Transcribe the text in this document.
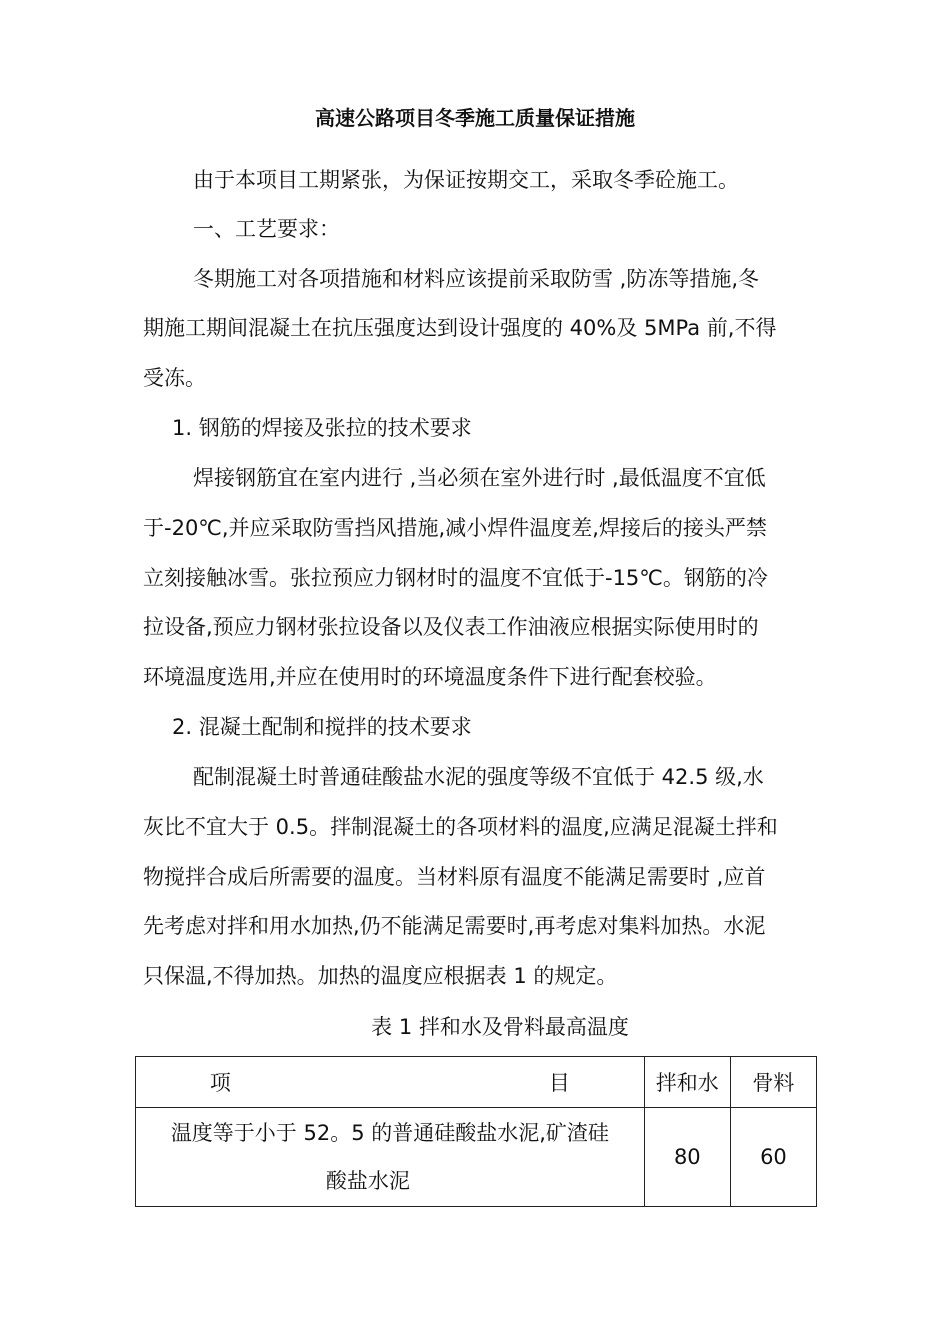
高速公路项目冬季施工质量保证措施
由于本项目工期紧张，为保证按期交工，采取冬季砼施工。
一、工艺要求：
冬期施工对各项措施和材料应该提前采取防雪 ,防冻等措施,冬
期施工期间混凝土在抗压强度达到设计强度的 40%及 5MPa 前,不得
受冻。
1. 钢筋的焊接及张拉的技术要求
焊接钢筋宜在室内进行 ,当必须在室外进行时 ,最低温度不宜低
于-20℃,并应采取防雪挡风措施,减小焊件温度差,焊接后的接头严禁
立刻接触冰雪。张拉预应力钢材时的温度不宜低于-15℃。钢筋的冷
拉设备,预应力钢材张拉设备以及仪表工作油液应根据实际使用时的
环境温度选用,并应在使用时的环境温度条件下进行配套校验。
2. 混凝土配制和搅拌的技术要求
配制混凝土时普通硅酸盐水泥的强度等级不宜低于 42.5 级,水
灰比不宜大于 0.5。拌制混凝土的各项材料的温度,应满足混凝土拌和
物搅拌合成后所需要的温度。当材料原有温度不能满足需要时 ,应首
先考虑对拌和用水加热,仍不能满足需要时,再考虑对集料加热。水泥
只保温,不得加热。加热的温度应根据表 1 的规定。
表 1 拌和水及骨料最高温度
项目	拌和水	骨料

温度等于小于 52。5 的普通硅酸盐水泥,矿渣硅
酸盐水泥	80	60
